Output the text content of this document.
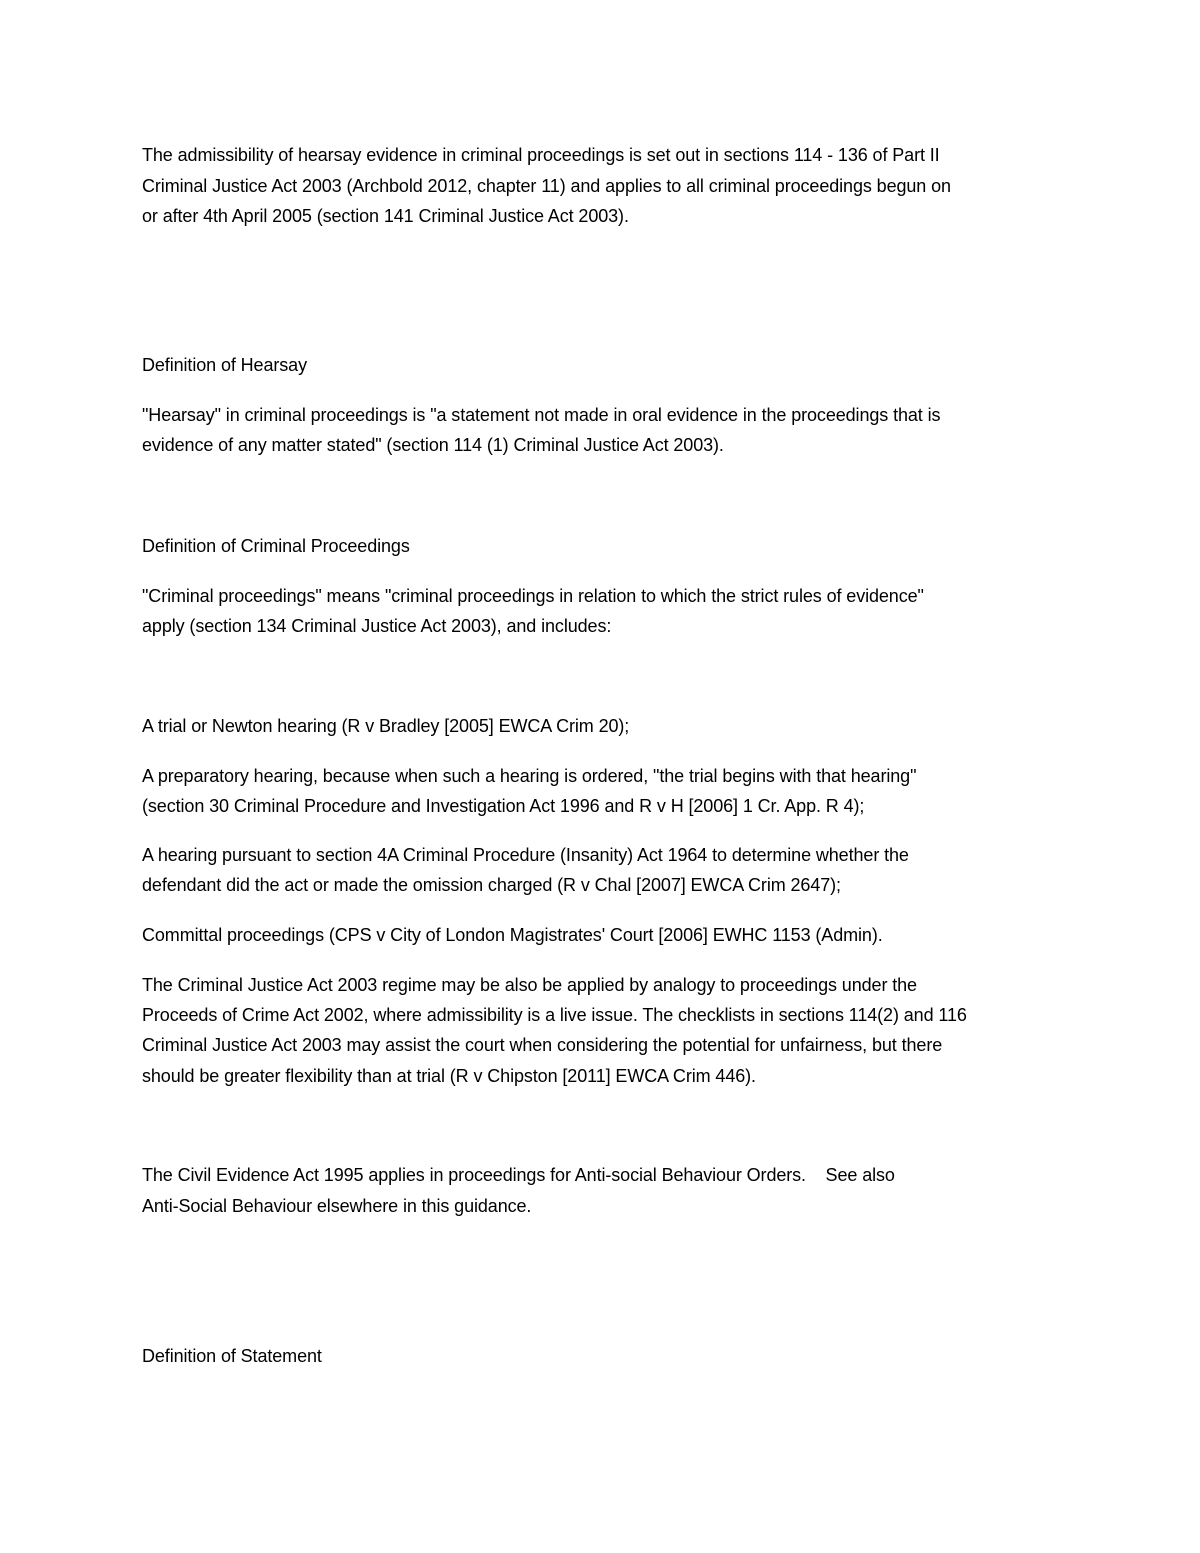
The admissibility of hearsay evidence in criminal proceedings is set out in sections 114 - 136 of Part II
Criminal Justice Act 2003 (Archbold 2012, chapter 11) and applies to all criminal proceedings begun on
or after 4th April 2005 (section 141 Criminal Justice Act 2003).
Definition of Hearsay
"Hearsay" in criminal proceedings is "a statement not made in oral evidence in the proceedings that is
evidence of any matter stated" (section 114 (1) Criminal Justice Act 2003).
Definition of Criminal Proceedings
"Criminal proceedings" means "criminal proceedings in relation to which the strict rules of evidence"
apply (section 134 Criminal Justice Act 2003), and includes:
A trial or Newton hearing (R v Bradley [2005] EWCA Crim 20);
A preparatory hearing, because when such a hearing is ordered, "the trial begins with that hearing"
(section 30 Criminal Procedure and Investigation Act 1996 and R v H [2006] 1 Cr. App. R 4);
A hearing pursuant to section 4A Criminal Procedure (Insanity) Act 1964 to determine whether the
defendant did the act or made the omission charged (R v Chal [2007] EWCA Crim 2647);
Committal proceedings (CPS v City of London Magistrates' Court [2006] EWHC 1153 (Admin).
The Criminal Justice Act 2003 regime may be also be applied by analogy to proceedings under the
Proceeds of Crime Act 2002, where admissibility is a live issue. The checklists in sections 114(2) and 116
Criminal Justice Act 2003 may assist the court when considering the potential for unfairness, but there
should be greater flexibility than at trial (R v Chipston [2011] EWCA Crim 446).
The Civil Evidence Act 1995 applies in proceedings for Anti-social Behaviour Orders.    See also
Anti-Social Behaviour elsewhere in this guidance.
Definition of Statement
